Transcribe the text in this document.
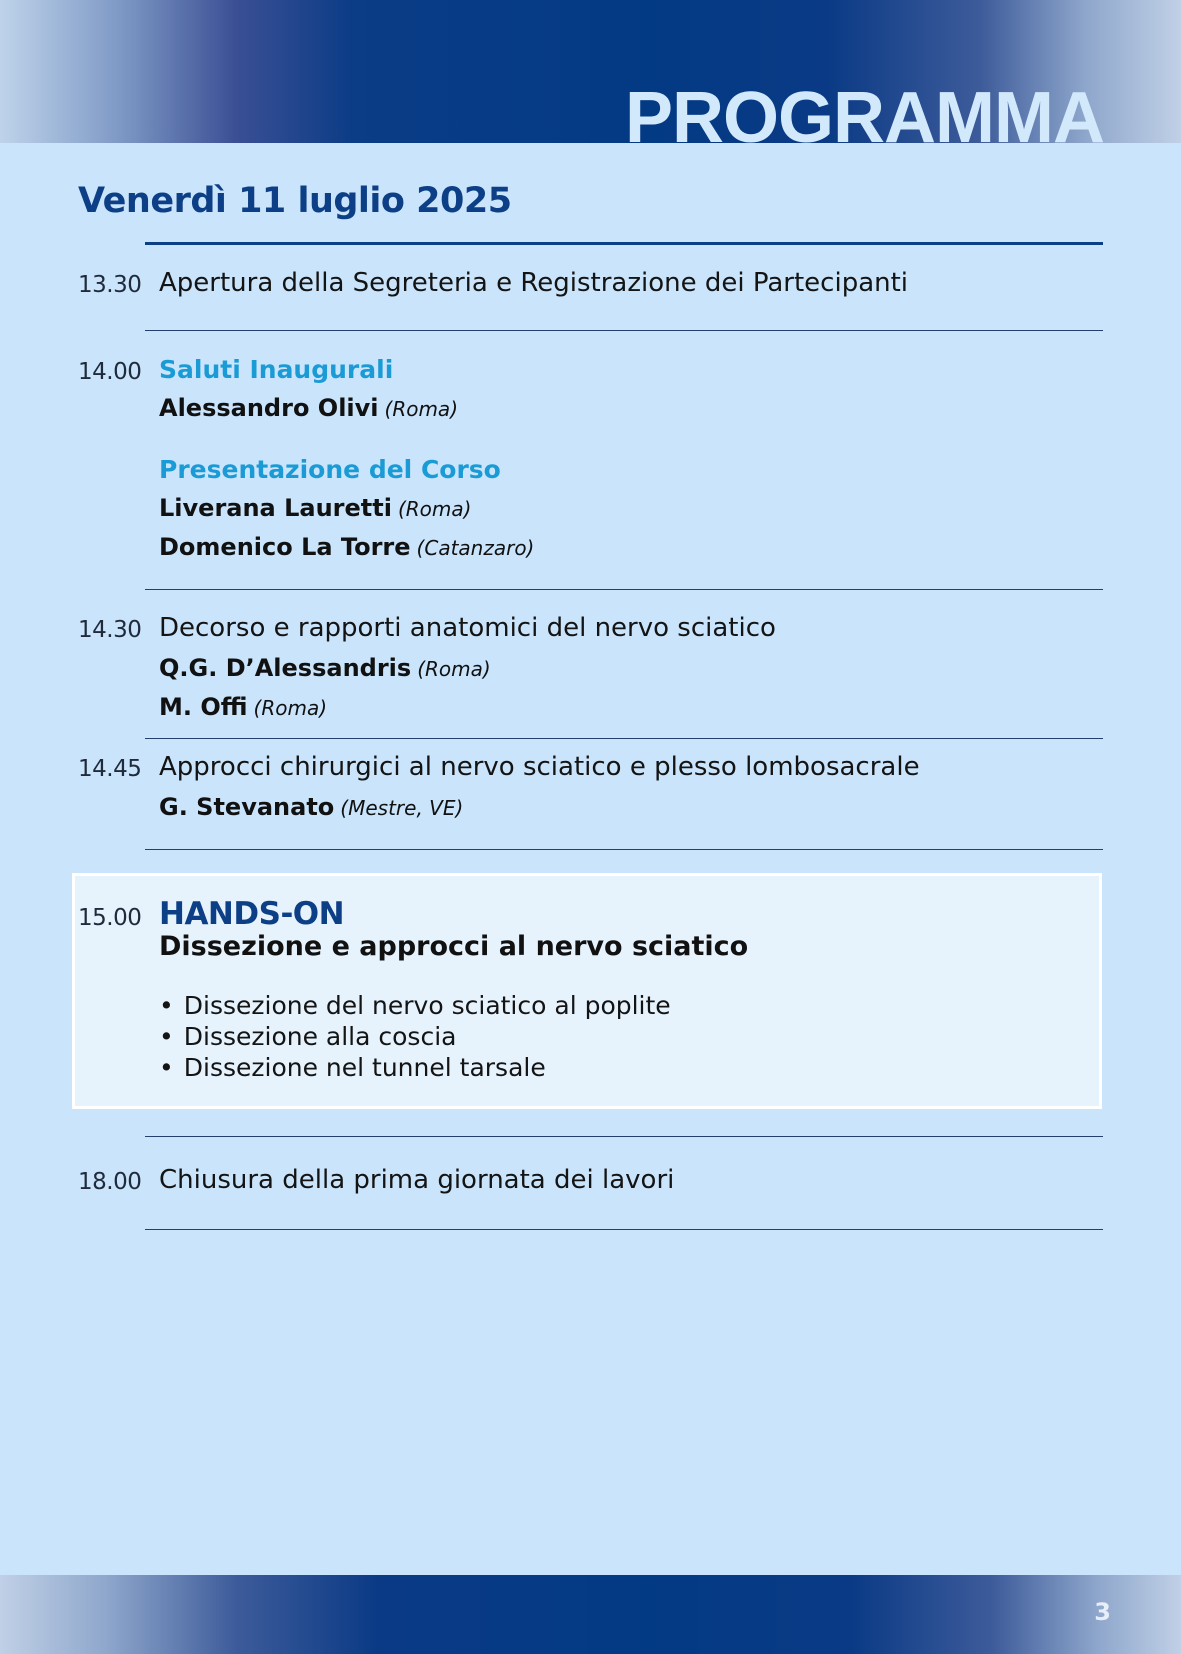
PROGRAMMA
Venerdì 11 luglio 2025
13.30 Apertura della Segreteria e Registrazione dei Partecipanti
14.00 Saluti Inaugurali
Alessandro Olivi (Roma)
Presentazione del Corso
Liverana Lauretti (Roma)
Domenico La Torre (Catanzaro)
14.30 Decorso e rapporti anatomici del nervo sciatico
Q.G. D’Alessandris (Roma)
M. Offi (Roma)
14.45 Approcci chirurgici al nervo sciatico e plesso lombosacrale
G. Stevanato (Mestre, VE)
15.00 HANDS-ON
Dissezione e approcci al nervo sciatico
• Dissezione del nervo sciatico al poplite
• Dissezione alla coscia
• Dissezione nel tunnel tarsale
18.00 Chiusura della prima giornata dei lavori
3
